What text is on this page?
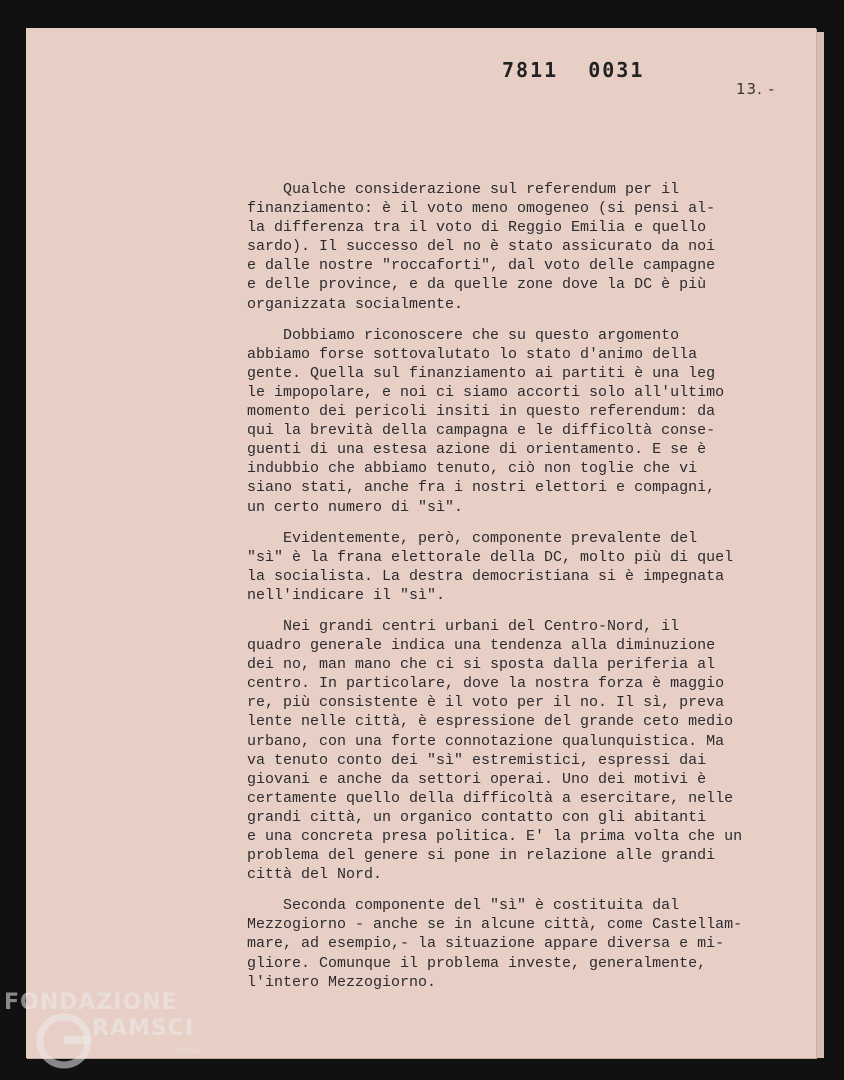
7811 0031
13. -
Qualche considerazione sul referendum per il
finanziamento: è il voto meno omogeneo (si pensi al-
la differenza tra il voto di Reggio Emilia e quello
sardo). Il successo del no è stato assicurato da noi
e dalle nostre "roccaforti", dal voto delle campagne
e delle province, e da quelle zone dove la DC è più
organizzata socialmente.
Dobbiamo riconoscere che su questo argomento
abbiamo forse sottovalutato lo stato d'animo della
gente. Quella sul finanziamento ai partiti è una leg
le impopolare, e noi ci siamo accorti solo all'ultimo
momento dei pericoli insiti in questo referendum: da
qui la brevità della campagna e le difficoltà conse-
guenti di una estesa azione di orientamento. E se è
indubbio che abbiamo tenuto, ciò non toglie che vi
siano stati, anche fra i nostri elettori e compagni,
un certo numero di "sì".
Evidentemente, però, componente prevalente del
"sì" è la frana elettorale della DC, molto più di quel
la socialista. La destra democristiana si è impegnata
nell'indicare il "sì".
Nei grandi centri urbani del Centro-Nord, il
quadro generale indica una tendenza alla diminuzione
dei no, man mano che ci si sposta dalla periferia al
centro. In particolare, dove la nostra forza è maggio
re, più consistente è il voto per il no. Il sì, preva
lente nelle città, è espressione del grande ceto medio
urbano, con una forte connotazione qualunquistica. Ma
va tenuto conto dei "sì" estremistici, espressi dai
giovani e anche da settori operai. Uno dei motivi è
certamente quello della difficoltà a esercitare, nelle
grandi città, un organico contatto con gli abitanti
e una concreta presa politica. E' la prima volta che un
problema del genere si pone in relazione alle grandi
città del Nord.
Seconda componente del "sì" è costituita dal
Mezzogiorno - anche se in alcune città, come Castellam-
mare, ad esempio,- la situazione appare diversa e mi-
gliore. Comunque il problema investe, generalmente,
l'intero Mezzogiorno.
FONDAZIONE
RAMSCI
onlus
